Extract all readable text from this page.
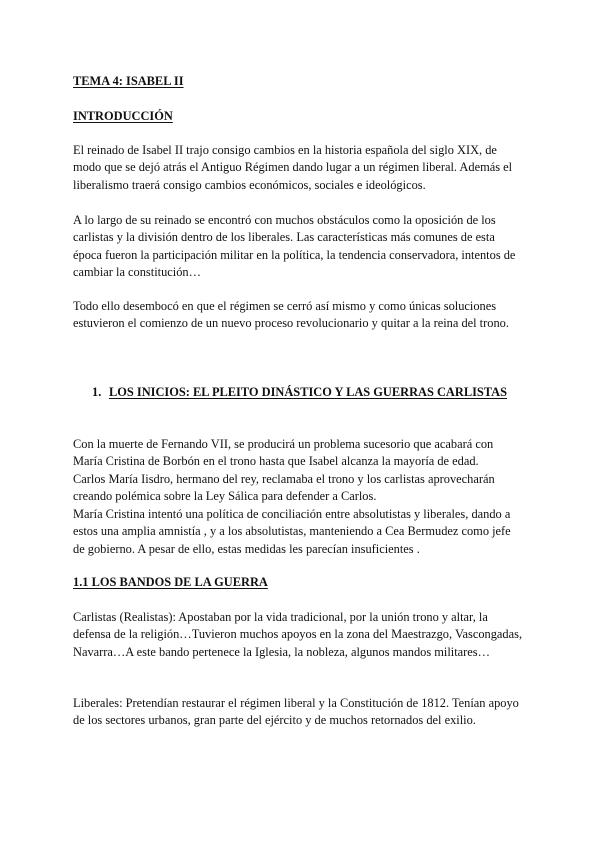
TEMA 4: ISABEL II
INTRODUCCIÓN

El reinado de Isabel II trajo consigo cambios en la historia española del siglo XIX, de modo que se dejó atrás el Antiguo Régimen dando lugar a un régimen liberal. Además el liberalismo traerá consigo cambios económicos, sociales e ideológicos.

A lo largo de su reinado se encontró con muchos obstáculos como la oposición de los carlistas y la división dentro de los liberales. Las características más comunes de esta época fueron la participación militar en la política, la tendencia conservadora, intentos de cambiar la constitución…

Todo ello desembocó en que el régimen se cerró así mismo y como únicas soluciones estuvieron el comienzo de un nuevo proceso revolucionario y quitar a la reina del trono.

1. LOS INICIOS: EL PLEITO DINÁSTICO Y LAS GUERRAS CARLISTAS

Con la muerte de Fernando VII, se producirá un problema sucesorio que acabará con María Cristina de Borbón en el trono hasta que Isabel alcanza la mayoría de edad.

Carlos María Iisdro, hermano del rey, reclamaba el trono y los carlistas aprovecharán creando polémica sobre la Ley Sálica para defender a Carlos.

María Cristina intentó una política de conciliación entre absolutistas y liberales, dando a estos una amplia amnistía , y a los absolutistas, manteniendo a Cea Bermudez como jefe de gobierno. A pesar de ello, estas medidas les parecían insuficientes .

1.1 LOS BANDOS DE LA GUERRA

Carlistas (Realistas): Apostaban por la vida tradicional, por la unión trono y altar, la defensa de la religión…Tuvieron muchos apoyos en la zona del Maestrazgo, Vascongadas, Navarra…A este bando pertenece la Iglesia, la nobleza, algunos mandos militares…

Liberales: Pretendían restaurar el régimen liberal y la Constitución de 1812. Tenían apoyo de los sectores urbanos, gran parte del ejército y de muchos retornados del exilio.
